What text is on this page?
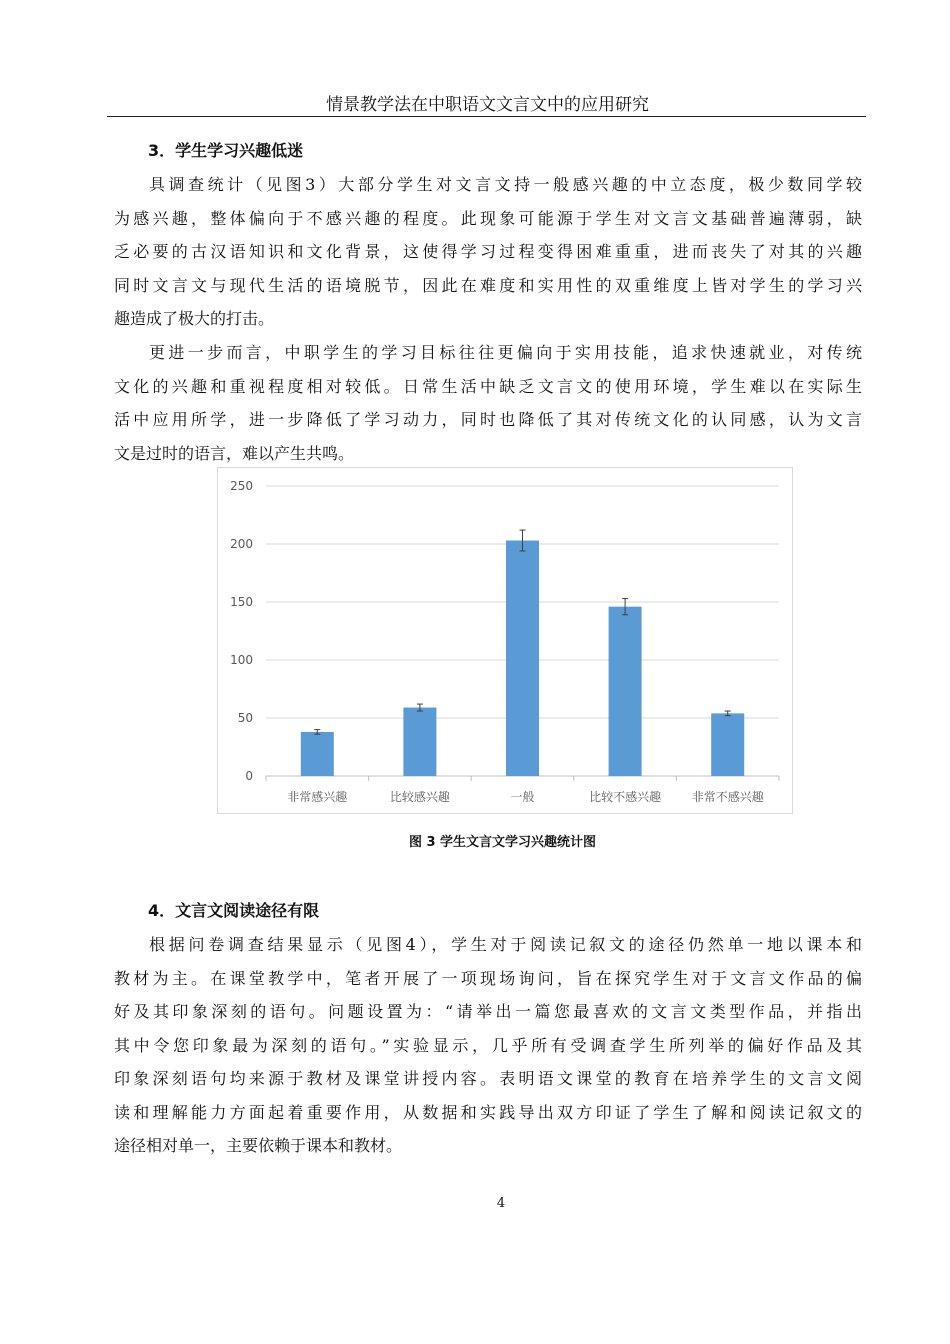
情景教学法在中职语文文言文中的应用研究
3．学生学习兴趣低迷
具调查统计（见图3）大部分学生对文言文持一般感兴趣的中立态度，极少数同学较
为感兴趣，整体偏向于不感兴趣的程度。此现象可能源于学生对文言文基础普遍薄弱，缺
乏必要的古汉语知识和文化背景，这使得学习过程变得困难重重，进而丧失了对其的兴趣
同时文言文与现代生活的语境脱节，因此在难度和实用性的双重维度上皆对学生的学习兴
趣造成了极大的打击。
更进一步而言，中职学生的学习目标往往更偏向于实用技能，追求快速就业，对传统
文化的兴趣和重视程度相对较低。日常生活中缺乏文言文的使用环境，学生难以在实际生
活中应用所学，进一步降低了学习动力，同时也降低了其对传统文化的认同感，认为文言
文是过时的语言，难以产生共鸣。
0
50
100
150
200
250
非常感兴趣	比较感兴趣	一般	比较不感兴趣	非常不感兴趣
图 3 学生文言文学习兴趣统计图
4．文言文阅读途径有限
根据问卷调查结果显示（见图4），学生对于阅读记叙文的途径仍然单一地以课本和
教材为主。在课堂教学中，笔者开展了一项现场询问，旨在探究学生对于文言文作品的偏
好及其印象深刻的语句。问题设置为：“请举出一篇您最喜欢的文言文类型作品，并指出
其中令您印象最为深刻的语句。”实验显示，几乎所有受调查学生所列举的偏好作品及其
印象深刻语句均来源于教材及课堂讲授内容。表明语文课堂的教育在培养学生的文言文阅
读和理解能力方面起着重要作用，从数据和实践导出双方印证了学生了解和阅读记叙文的
途径相对单一，主要依赖于课本和教材。
4
